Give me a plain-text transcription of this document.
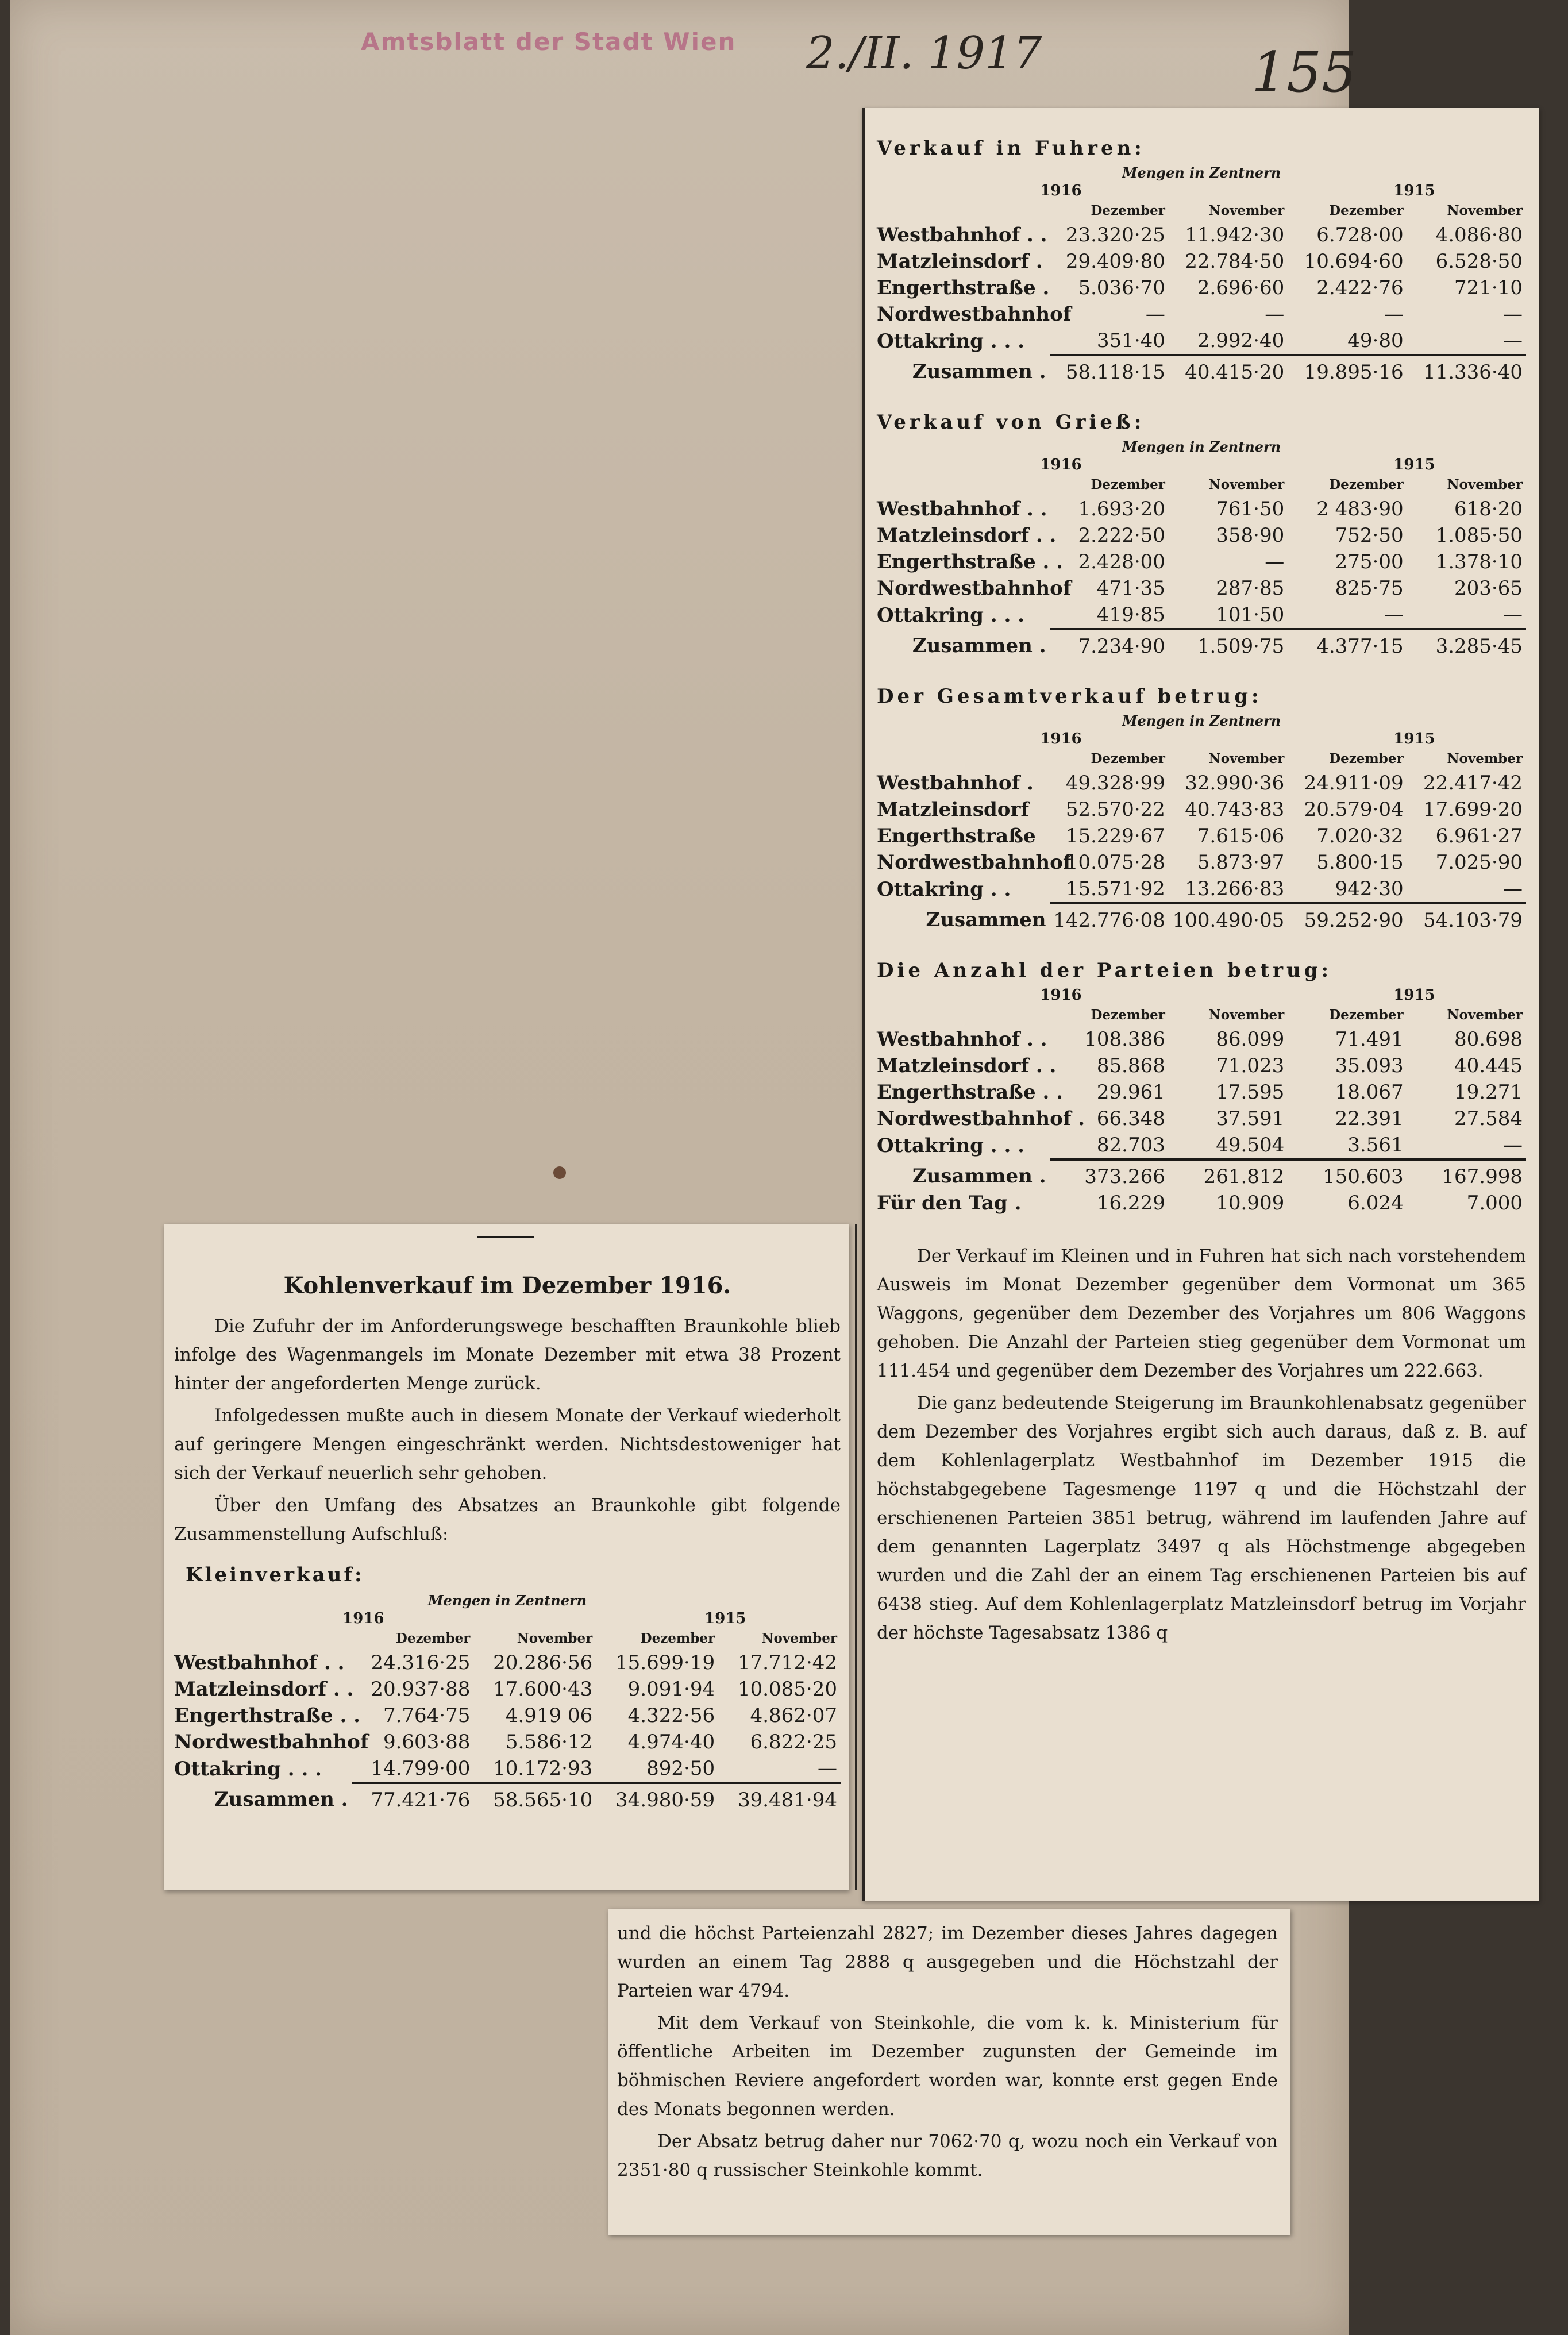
Amtsblatt der Stadt Wien 2./II. 1917	155
Verkauf in Fuhren:
Mengen in Zentnern
1916	1915
	Dezember	November	Dezember	November
Westbahnhof . .	23.320·25	11.942·30	6.728·00	4.086·80
Matzleinsdorf .	29.409·80	22.784·50	10.694·60	6.528·50
Engerthstraße .	5.036·70	2.696·60	2.422·76	721·10
Nordwestbahnhof	—	—	—	—
Ottakring . . .	351·40	2.992·40	49·80	—
Zusammen .	58.118·15	40.415·20	19.895·16	11.336·40
Verkauf von Grieß:
Mengen in Zentnern
1916	1915
	Dezember	November	Dezember	November
Westbahnhof . .	1.693·20	761·50	2 483·90	618·20
Matzleinsdorf . .	2.222·50	358·90	752·50	1.085·50
Engerthstraße . .	2.428·00	—	275·00	1.378·10
Nordwestbahnhof	471·35	287·85	825·75	203·65
Ottakring . . .	419·85	101·50	—	—
Zusammen .	7.234·90	1.509·75	4.377·15	3.285·45
Der Gesamtverkauf betrug:
Mengen in Zentnern
1916	1915
	Dezember	November	Dezember	November
Westbahnhof .	49.328·99	32.990·36	24.911·09	22.417·42
Matzleinsdorf	52.570·22	40.743·83	20.579·04	17.699·20
Engerthstraße	15.229·67	7.615·06	7.020·32	6.961·27
Nordwestbahnhof	10.075·28	5.873·97	5.800·15	7.025·90
Ottakring . .	15.571·92	13.266·83	942·30	—
Zusammen	142.776·08	100.490·05	59.252·90	54.103·79
Die Anzahl der Parteien betrug:
1916	1915
	Dezember	November	Dezember	November
Westbahnhof . .	108.386	86.099	71.491	80.698
Matzleinsdorf . .	85.868	71.023	35.093	40.445
Engerthstraße . .	29.961	17.595	18.067	19.271
Nordwestbahnhof .	66.348	37.591	22.391	27.584
Ottakring . . .	82.703	49.504	3.561	—
Zusammen .	373.266	261.812	150.603	167.998
Für den Tag .	16.229	10.909	6.024	7.000

Der Verkauf im Kleinen und in Fuhren hat sich nach vorstehendem Ausweis im Monat Dezember gegenüber dem Vormonat um 365 Waggons, gegenüber dem Dezember des Vorjahres um 806 Waggons gehoben. Die Anzahl der Parteien stieg gegenüber dem Vormonat um 111.454 und gegenüber dem Dezember des Vorjahres um 222.663.

Die ganz bedeutende Steigerung im Braunkohlenabsatz gegenüber dem Dezember des Vorjahres ergibt sich auch daraus, daß z. B. auf dem Kohlenlagerplatz Westbahnhof im Dezember 1915 die höchstabgegebene Tagesmenge 1197 q und die Höchstzahl der erschienenen Parteien 3851 betrug, während im laufenden Jahre auf dem genannten Lagerplatz 3497 q als Höchstmenge abgegeben wurden und die Zahl der an einem Tag erschienenen Parteien bis auf 6438 stieg. Auf dem Kohlenlagerplatz Matzleinsdorf betrug im Vorjahr der höchste Tagesabsatz 1386 q

Kohlenverkauf im Dezember 1916.

Die Zufuhr der im Anforderungswege beschafften Braunkohle blieb infolge des Wagenmangels im Monate Dezember mit etwa 38 Prozent hinter der angeforderten Menge zurück.

Infolgedessen mußte auch in diesem Monate der Verkauf wiederholt auf geringere Mengen eingeschränkt werden. Nichtsdestoweniger hat sich der Verkauf neuerlich sehr gehoben.

Über den Umfang des Absatzes an Braunkohle gibt folgende Zusammenstellung Aufschluß:

Kleinverkauf:
Mengen in Zentnern
1916	1915
	Dezember	November	Dezember	November
Westbahnhof . .	24.316·25	20.286·56	15.699·19	17.712·42
Matzleinsdorf . .	20.937·88	17.600·43	9.091·94	10.085·20
Engerthstraße . .	7.764·75	4.919 06	4.322·56	4.862·07
Nordwestbahnhof	9.603·88	5.586·12	4.974·40	6.822·25
Ottakring . . .	14.799·00	10.172·93	892·50	—
Zusammen .	77.421·76	58.565·10	34.980·59	39.481·94

und die höchst Parteienzahl 2827; im Dezember dieses Jahres dagegen wurden an einem Tag 2888 q ausgegeben und die Höchstzahl der Parteien war 4794.

Mit dem Verkauf von Steinkohle, die vom k. k. Ministerium für öffentliche Arbeiten im Dezember zugunsten der Gemeinde im böhmischen Reviere angefordert worden war, konnte erst gegen Ende des Monats begonnen werden.

Der Absatz betrug daher nur 7062·70 q, wozu noch ein Verkauf von 2351·80 q russischer Steinkohle kommt.
